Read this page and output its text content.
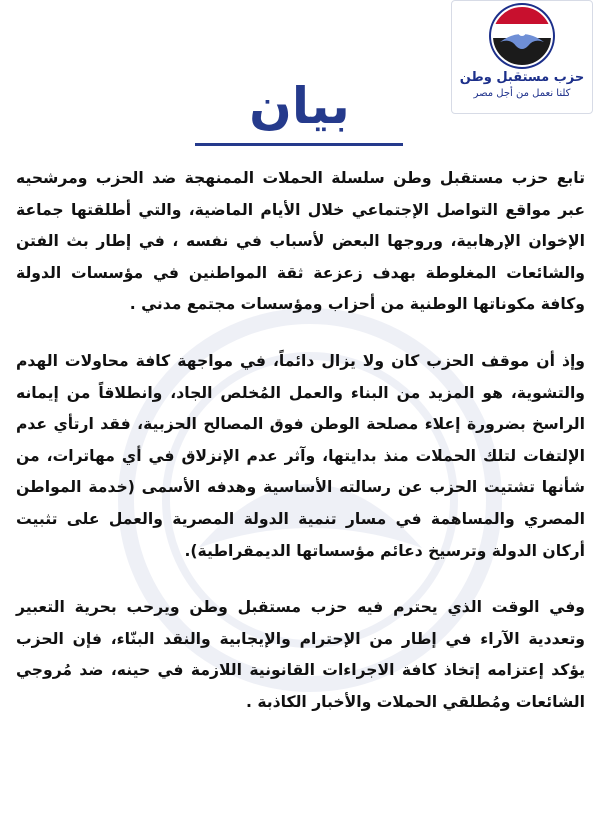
حزب مستقبل وطن
كلنا نعمل من أجل مصر
بيان

تابع حزب مستقبل وطن سلسلة الحملات الممنهجة ضد الحزب ومرشحيه عبر مواقع التواصل الإجتماعي خلال الأيام الماضية، والتي أطلقتها جماعة الإخوان الإرهابية، وروجها البعض لأسباب في نفسه ، في إطار بث الفتن والشائعات المغلوطة بهدف زعزعة ثقة المواطنين في مؤسسات الدولة وكافة مكوناتها الوطنية من أحزاب ومؤسسات مجتمع مدني .

وإذ أن موقف الحزب كان ولا يزال دائماً، في مواجهة كافة محاولات الهدم والتشوية، هو المزيد من البناء والعمل المُخلص الجاد، وانطلاقاً من إيمانه الراسخ بضرورة إعلاء مصلحة الوطن فوق المصالح الحزبية، فقد ارتأي عدم الإلتفات لتلك الحملات منذ بدايتها، وآثر عدم الإنزلاق في أي مهاترات، من شأنها تشتيت الحزب عن رسالته الأساسية وهدفه الأسمى (خدمة المواطن المصري والمساهمة في مسار تنمية الدولة المصرية والعمل على تثبيت أركان الدولة وترسيخ دعائم مؤسساتها الديمقراطية).

وفي الوقت الذي يحترم فيه حزب مستقبل وطن ويرحب بحرية التعبير وتعددية الآراء في إطار من الإحترام والإيجابية والنقد البنّاء، فإن الحزب يؤكد إعتزامه إتخاذ كافة الاجراءات القانونية اللازمة في حينه، ضد مُروجي الشائعات ومُطلقي الحملات والأخبار الكاذبة .
